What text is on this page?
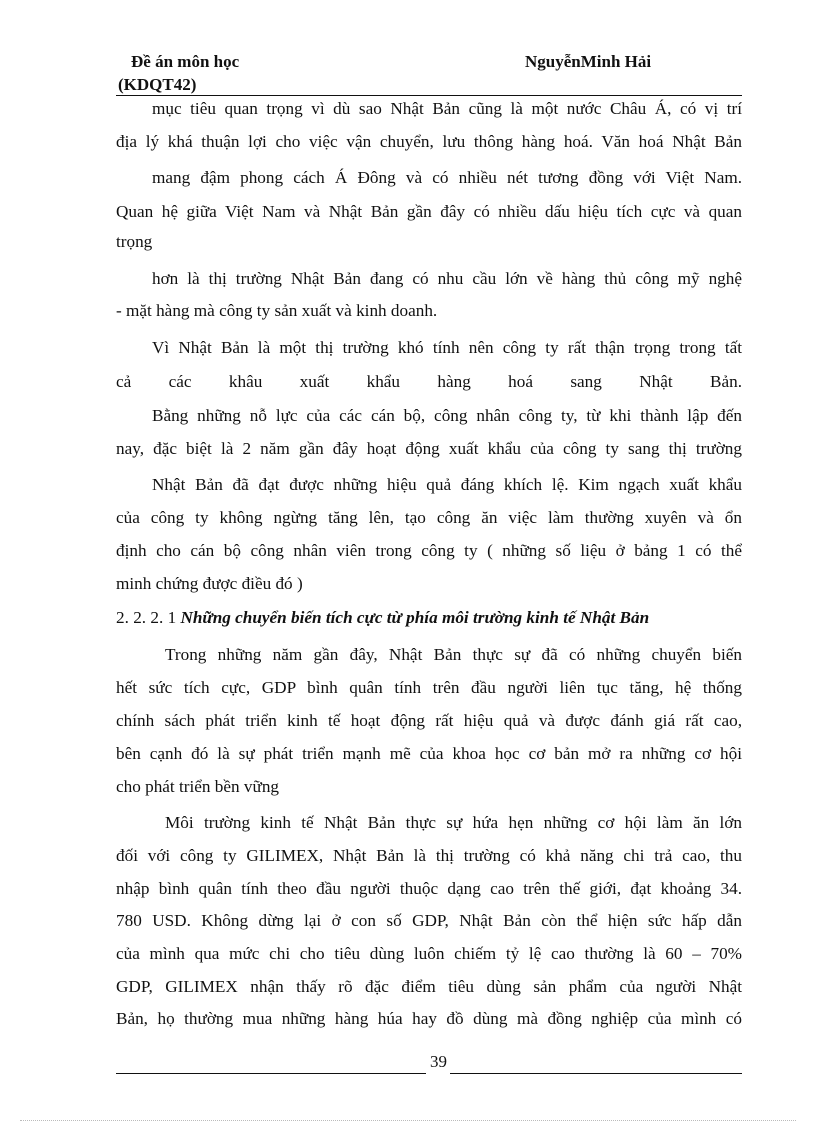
Đề án môn học
(KDQT42)
NguyễnMinh Hải
mục tiêu quan trọng vì dù sao Nhật Bản cũng là một nước Châu Á, có vị trí
địa lý khá thuận lợi cho việc vận chuyển, lưu thông hàng hoá. Văn hoá Nhật Bản
mang đậm phong cách Á Đông và có nhiều nét tương đồng với Việt Nam.
Quan hệ giữa Việt Nam và Nhật Bản gần đây có nhiều dấu hiệu tích cực và quan
trọng
hơn là thị trường Nhật Bản đang có nhu cầu lớn về hàng thủ công mỹ nghệ
- mặt hàng mà công ty sản xuất và kinh doanh.
Vì Nhật Bản là một thị trường khó tính nên công ty rất thận trọng trong tất
cả các khâu xuất khẩu hàng hoá sang Nhật Bản.
Bằng những nỗ lực của các cán bộ, công nhân công ty, từ khi thành lập đến
nay, đặc biệt là 2 năm gần đây hoạt động xuất khẩu của công ty sang thị trường
Nhật Bản đã đạt được những hiệu quả đáng khích lệ. Kim ngạch xuất khẩu
của công ty không ngừng tăng lên, tạo công ăn việc làm thường xuyên và ổn
định cho cán bộ công nhân viên trong công ty ( những số liệu ở bảng 1 có thể
minh chứng được điều đó )
2. 2. 2. 1 Những chuyển biến tích cực từ phía môi trường kinh tế Nhật Bản
Trong những năm gần đây, Nhật Bản thực sự đã có những chuyển biến
hết sức tích cực, GDP bình quân tính trên đầu người liên tục tăng, hệ thống
chính sách phát triển kinh tế hoạt động rất hiệu quả và được đánh giá rất cao,
bên cạnh đó là sự phát triển mạnh mẽ của khoa học cơ bản mở ra những cơ hội
cho phát triển bền vững
Môi trường kinh tế Nhật Bản thực sự hứa hẹn những cơ hội làm ăn lớn
đối với công ty GILIMEX, Nhật Bản là thị trường có khả năng chi trả cao, thu
nhập bình quân tính theo đầu người thuộc dạng cao trên thế giới, đạt khoảng 34.
780 USD. Không dừng lại ở con số GDP, Nhật Bản còn thể hiện sức hấp dẫn
của mình qua mức chi cho tiêu dùng luôn chiếm tỷ lệ cao thường là 60 – 70%
GDP, GILIMEX nhận thấy rõ đặc điểm tiêu dùng sản phẩm của người Nhật
Bản, họ thường mua những hàng húa hay đồ dùng mà đồng nghiệp của mình có
39
